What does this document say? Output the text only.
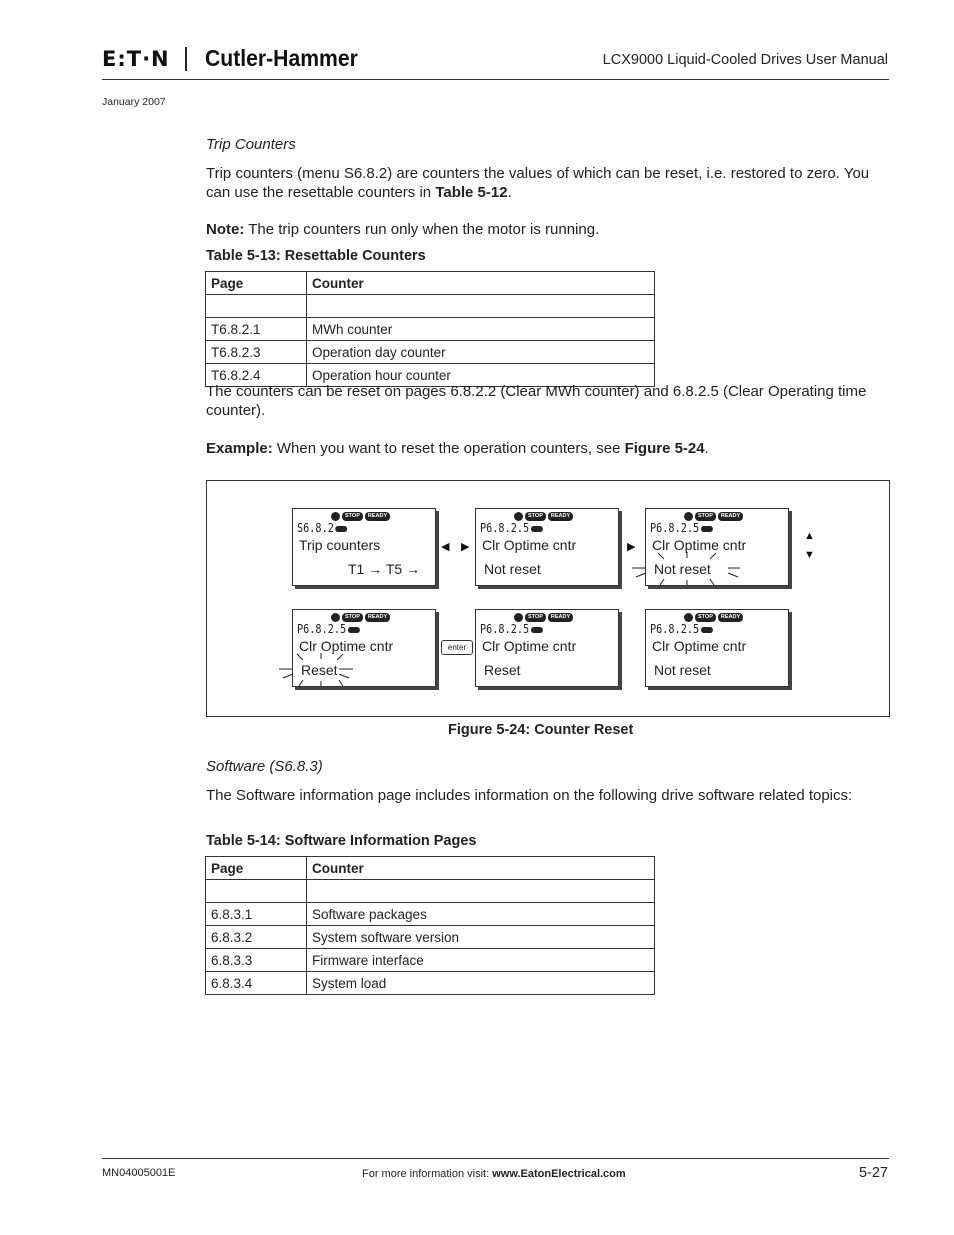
E:T·N Cutler-Hammer	LCX9000 Liquid-Cooled Drives User Manual
January 2007
Trip Counters
Trip counters (menu S6.8.2) are counters the values of which can be reset, i.e. restored to zero. You can use the resettable counters in Table 5-12.
Note: The trip counters run only when the motor is running.
Table 5-13: Resettable Counters
Page	Counter

T6.8.2.1	MWh counter
T6.8.2.3	Operation day counter
T6.8.2.4	Operation hour counter
The counters can be reset on pages 6.8.2.2 (Clear MWh counter) and 6.8.2.5 (Clear Operating time counter).
Example: When you want to reset the operation counters, see Figure 5-24.
STOP	READY
S6.8.2
Trip counters
T1 → T5 →
◀ ▶
STOP	READY
P6.8.2.5
Clr Optime cntr
Not reset
▶
STOP	READY
P6.8.2.5
Clr Optime cntr
Not reset
▲
▼
STOP	READY
P6.8.2.5
Clr Optime cntr
Reset
enter
STOP	READY
P6.8.2.5
Clr Optime cntr
Reset
STOP	READY
P6.8.2.5
Clr Optime cntr
Not reset
Figure 5-24: Counter Reset
Software (S6.8.3)
The Software information page includes information on the following drive software related topics:
Table 5-14: Software Information Pages
Page	Counter

6.8.3.1	Software packages
6.8.3.2	System software version
6.8.3.3	Firmware interface
6.8.3.4	System load
MN04005001E	For more information visit: www.EatonElectrical.com	5-27
